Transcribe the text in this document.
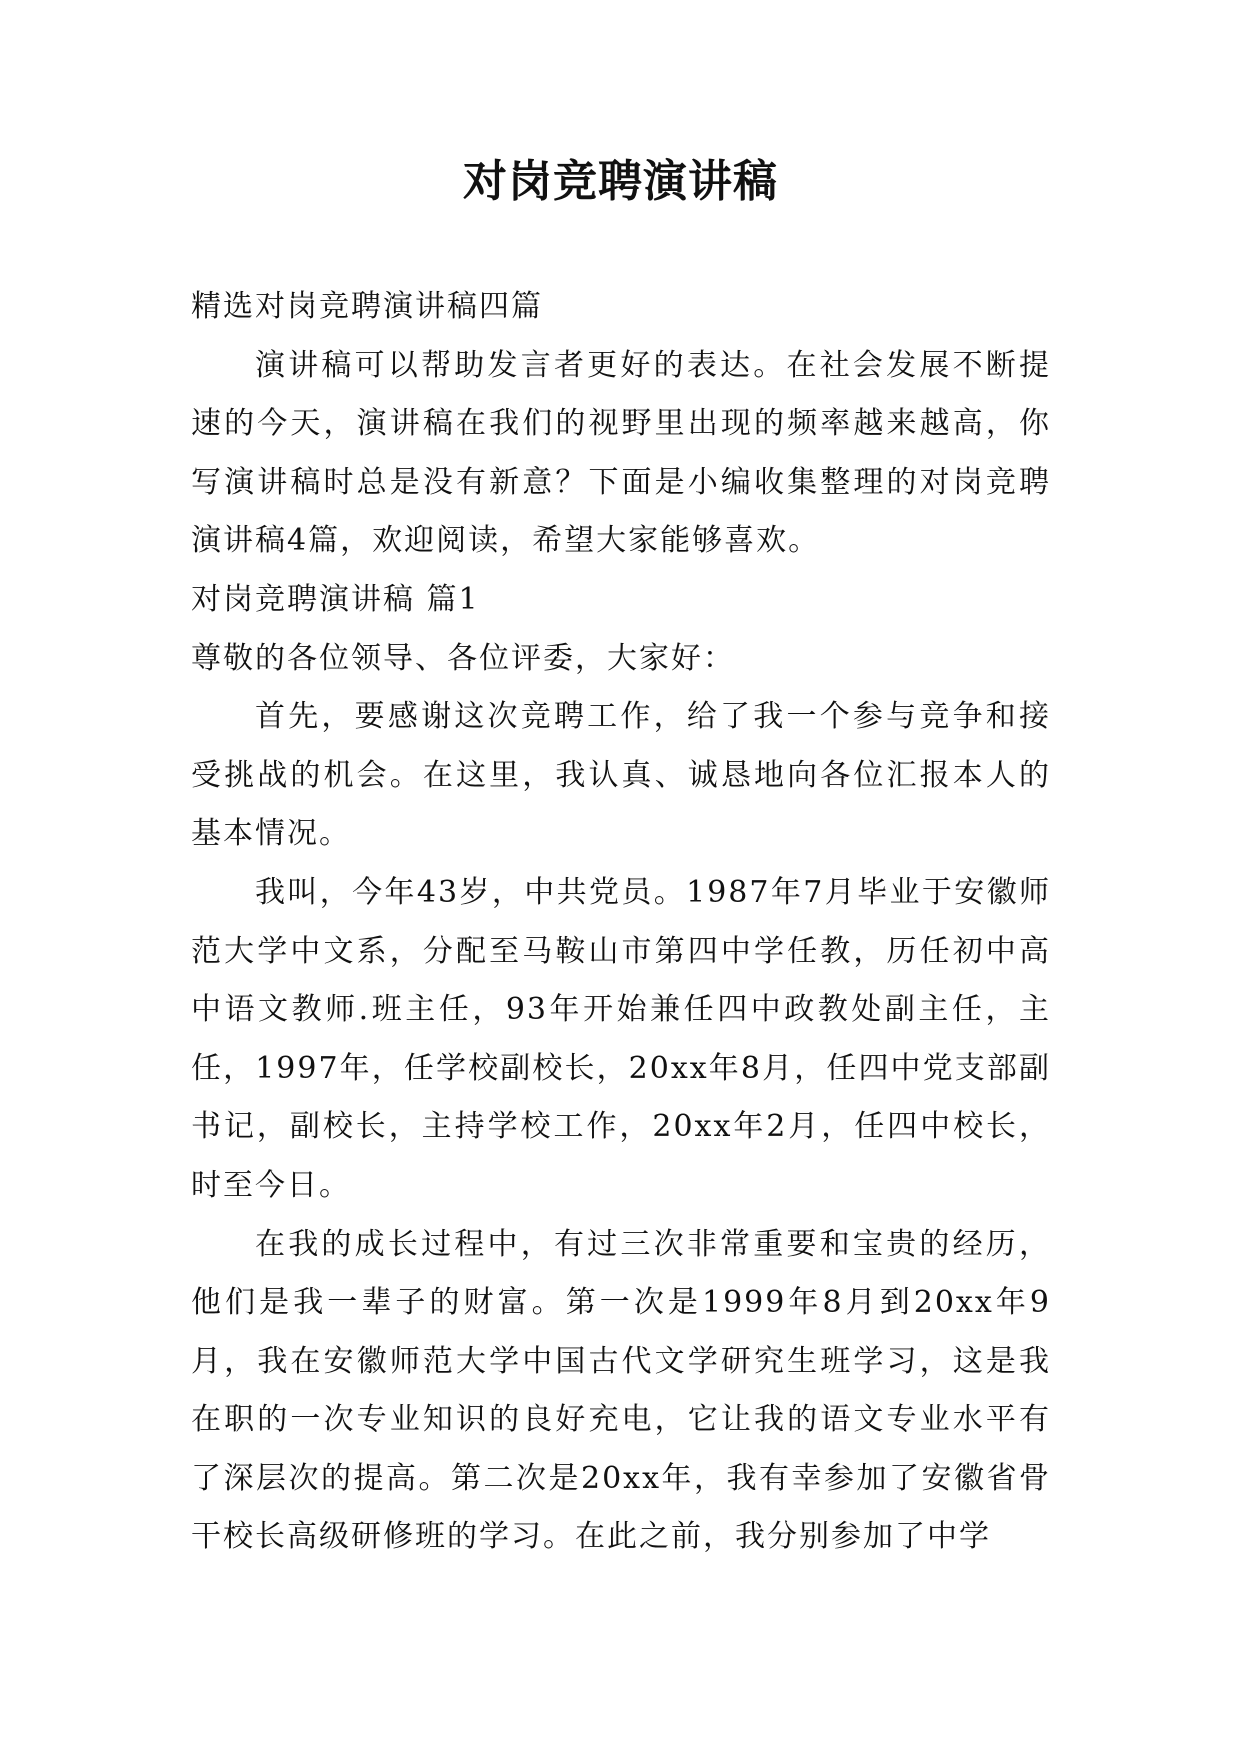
对岗竞聘演讲稿

精选对岗竞聘演讲稿四篇

演讲稿可以帮助发言者更好的表达。在社会发展不断提速的今天，演讲稿在我们的视野里出现的频率越来越高，你写演讲稿时总是没有新意？下面是小编收集整理的对岗竞聘演讲稿4篇，欢迎阅读，希望大家能够喜欢。

对岗竞聘演讲稿 篇1

尊敬的各位领导、各位评委，大家好：

首先，要感谢这次竞聘工作，给了我一个参与竞争和接受挑战的机会。在这里，我认真、诚恳地向各位汇报本人的基本情况。

我叫，今年43岁，中共党员。1987年7月毕业于安徽师范大学中文系，分配至马鞍山市第四中学任教，历任初中高中语文教师.班主任，93年开始兼任四中政教处副主任，主任，1997年，任学校副校长，20xx年8月，任四中党支部副书记，副校长，主持学校工作，20xx年2月，任四中校长，时至今日。

在我的成长过程中，有过三次非常重要和宝贵的经历，他们是我一辈子的财富。第一次是1999年8月到20xx年9月，我在安徽师范大学中国古代文学研究生班学习，这是我在职的一次专业知识的良好充电，它让我的语文专业水平有了深层次的提高。第二次是20xx年，我有幸参加了安徽省骨干校长高级研修班的学习。在此之前，我分别参加了中学
